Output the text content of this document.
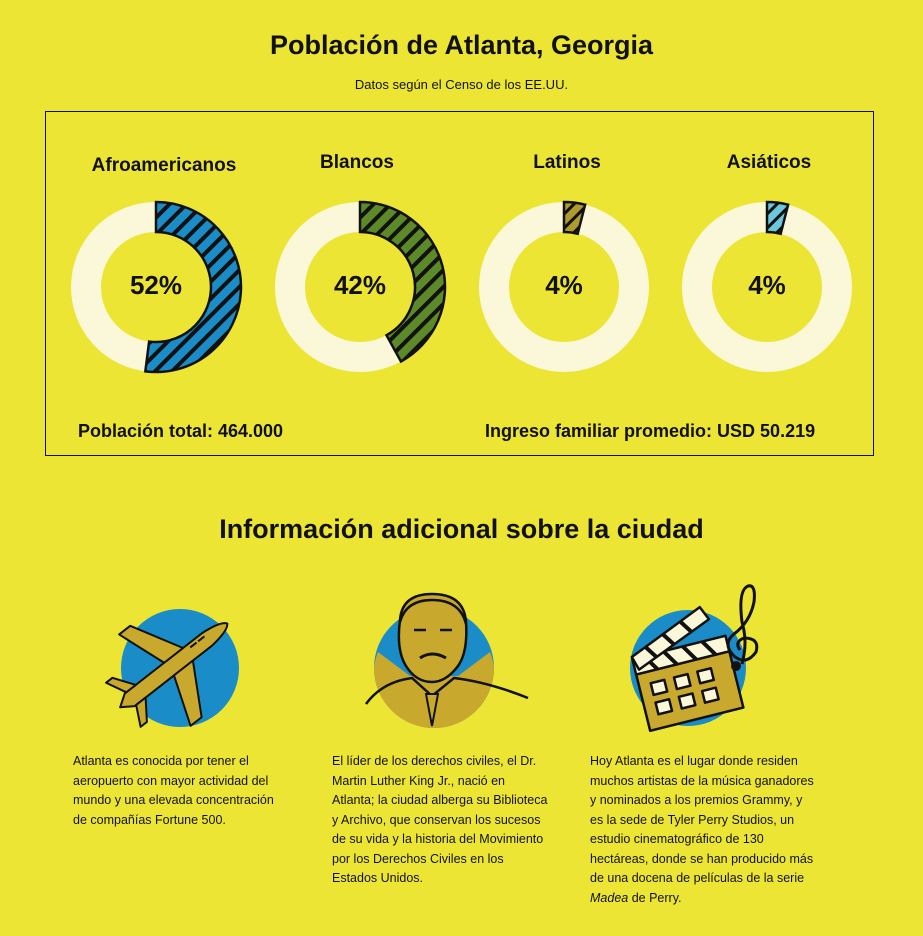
Población de Atlanta, Georgia

Datos según el Censo de los EE.UU.

Afroamericanos	Blancos	Latinos	Asiáticos
52%	42%	4%	4%
Población total: 464.000	Ingreso familiar promedio: USD 50.219
Información adicional sobre la ciudad

Atlanta es conocida por tener el aeropuerto con mayor actividad del mundo y una elevada concentración de compañías Fortune 500.

El líder de los derechos civiles, el Dr. Martin Luther King Jr., nació en Atlanta; la ciudad alberga su Biblioteca y Archivo, que conservan los sucesos de su vida y la historia del Movimiento por los Derechos Civiles en los Estados Unidos.

Hoy Atlanta es el lugar donde residen muchos artistas de la música ganadores y nominados a los premios Grammy, y es la sede de Tyler Perry Studios, un estudio cinematográfico de 130 hectáreas, donde se han producido más de una docena de películas de la serie Madea de Perry.
